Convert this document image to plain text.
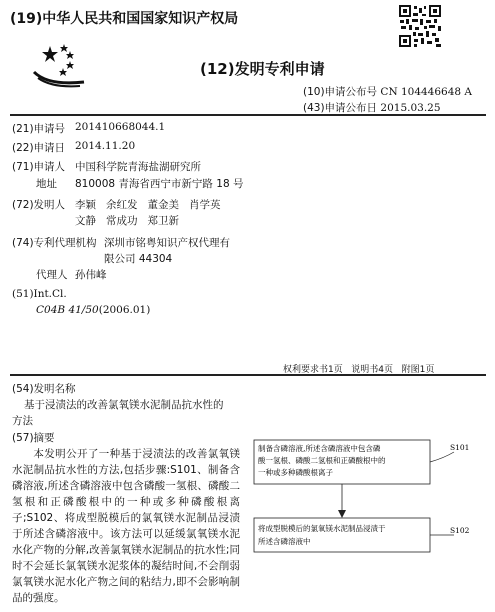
(19)中华人民共和国国家知识产权局
(12)发明专利申请
(10)申请公布号 CN 104446648 A
(43)申请公布日 2015.03.25
(21)申请号 201410668044.1
(22)申请日 2014.11.20
(71)申请人 中国科学院青海盐湖研究所
地址 810008 青海省西宁市新宁路 18 号
(72)发明人 李颖   余红发   董金美   肖学英
文静   常成功   郑卫新
(74)专利代理机构 深圳市铭粤知识产权代理有
限公司 44304
代理人 孙伟峰
(51)Int.Cl.
C04B 41/50(2006.01)
权利要求书1页   说明书4页   附图1页
(54)发明名称
基于浸渍法的改善氯氧镁水泥制品抗水性的
方法
(57)摘要
本发明公开了一种基于浸渍法的改善氯氧镁水泥制品抗水性的方法,包括步骤:S101、制备含磷溶液,所述含磷溶液中包含磷酸一氢根、磷酸二氢根和正磷酸根中的一种或多种磷酸根离子;S102、将成型脱模后的氯氧镁水泥制品浸渍于所述含磷溶液中。该方法可以延缓氯氧镁水泥水化产物的分解,改善氯氧镁水泥制品的抗水性;同时不会延长氯氧镁水泥浆体的凝结时间,不会削弱氯氧镁水泥水化产物之间的粘结力,即不会影响制品的强度。
制备含磷溶液,所述含磷溶液中包含磷
酸一氢根、磷酸二氢根和正磷酸根中的
一种或多种磷酸根离子
S101
将成型脱模后的氯氧镁水泥制品浸渍于
所述含磷溶液中
S102
